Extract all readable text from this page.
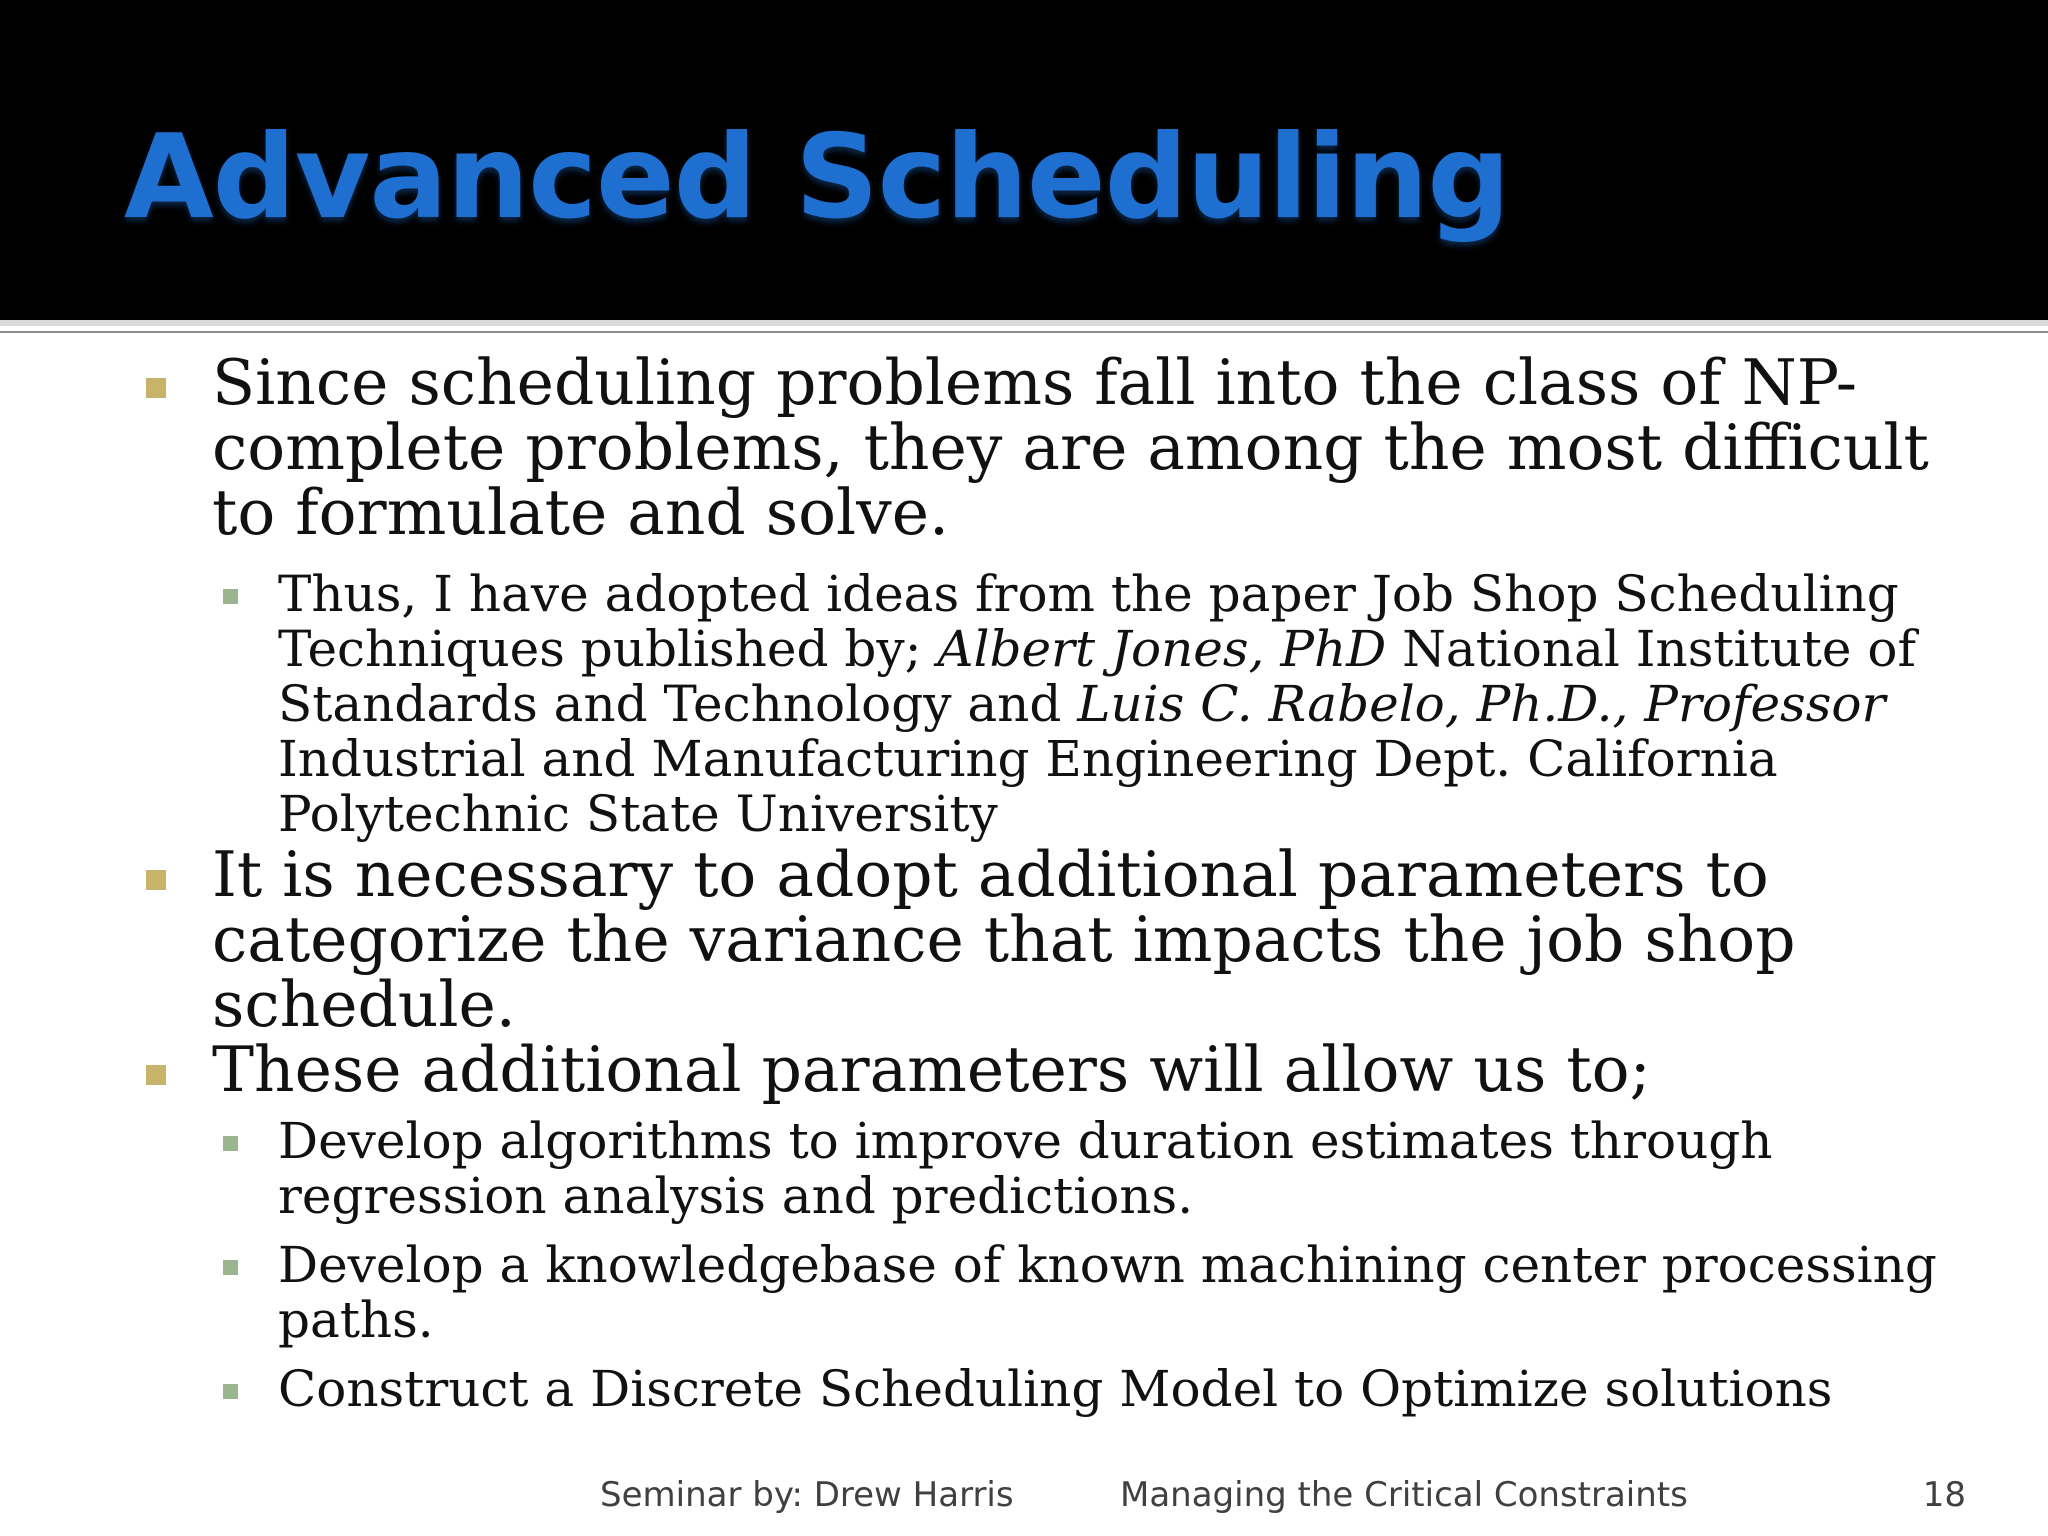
Advanced Scheduling
Since scheduling problems fall into the class of NP-complete problems, they are among the most difficult to formulate and solve.
Thus, I have adopted ideas from the paper Job Shop Scheduling Techniques published by; Albert Jones, PhD National Institute of Standards and Technology and Luis C. Rabelo, Ph.D., Professor Industrial and Manufacturing Engineering Dept. California Polytechnic State University
It is necessary to adopt additional parameters to categorize the variance that impacts the job shop schedule.
These additional parameters will allow us to;
Develop algorithms to improve duration estimates through regression analysis and predictions.
Develop a knowledgebase of known machining center processing paths.
Construct a Discrete Scheduling Model to Optimize solutions
Seminar by: Drew Harris	Managing the Critical Constraints	18
